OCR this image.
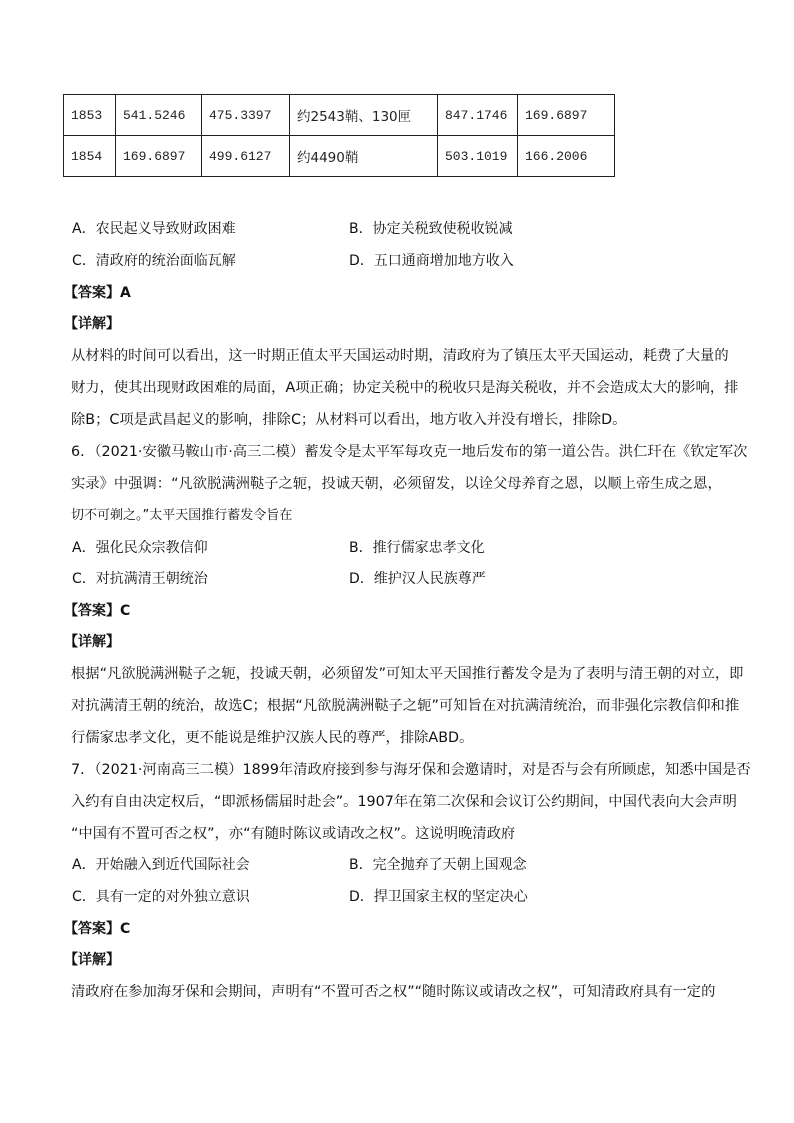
1853	541.5246	475.3397	约2543鞘、130匣	847.1746	169.6897
1854	169.6897	499.6127	约4490鞘	503.1019	166.2006
A．农民起义导致财政困难	B．协定关税致使税收锐减
C．清政府的统治面临瓦解	D．五口通商增加地方收入
【答案】A
【详解】
从材料的时间可以看出，这一时期正值太平天国运动时期，清政府为了镇压太平天国运动，耗费了大量的
财力，使其出现财政困难的局面，A项正确；协定关税中的税收只是海关税收，并不会造成太大的影响，排
除B；C项是武昌起义的影响，排除C；从材料可以看出，地方收入并没有增长，排除D。
6．（2021·安徽马鞍山市·高三二模）蓄发令是太平军每攻克一地后发布的第一道公告。洪仁玕在《钦定军次
实录》中强调：“凡欲脱满洲鞑子之轭，投诚天朝，必须留发，以诠父母养育之恩，以顺上帝生成之恩，
切不可剃之。”太平天国推行蓄发令旨在
A．强化民众宗教信仰	B．推行儒家忠孝文化
C．对抗满清王朝统治	D．维护汉人民族尊严
【答案】C
【详解】
根据“凡欲脱满洲鞑子之轭，投诚天朝，必须留发”可知太平天国推行蓄发令是为了表明与清王朝的对立，即
对抗满清王朝的统治，故选C；根据“凡欲脱满洲鞑子之轭”可知旨在对抗满清统治，而非强化宗教信仰和推
行儒家忠孝文化，更不能说是维护汉族人民的尊严，排除ABD。
7．（2021·河南高三二模）1899年清政府接到参与海牙保和会邀请时，对是否与会有所顾虑，知悉中国是否
入约有自由决定权后，“即派杨儒届时赴会”。1907年在第二次保和会议订公约期间，中国代表向大会声明
“中国有不置可否之权”，亦“有随时陈议或请改之权”。这说明晚清政府
A．开始融入到近代国际社会	B．完全抛弃了天朝上国观念
C．具有一定的对外独立意识	D．捍卫国家主权的坚定决心
【答案】C
【详解】
清政府在参加海牙保和会期间，声明有“不置可否之权”“随时陈议或请改之权”，可知清政府具有一定的
